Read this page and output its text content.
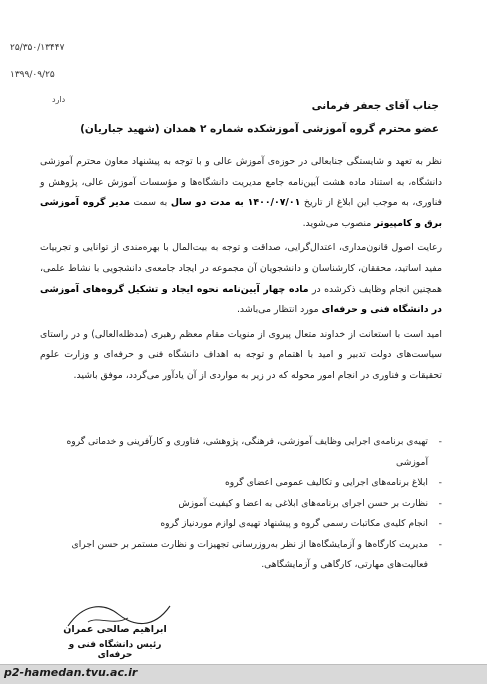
۲۵/۳۵۰/۱۳۴۴۷
۱۳۹۹/۰۹/۲۵
دارد
جناب آقای جعفر فرمانی
عضو محترم گروه آموزشی آموزشکده شماره ۲ همدان (شهید جباریان)

نظر به تعهد و شایستگی جنابعالی در حوزه‌ی آموزش عالی و با توجه به پیشنهاد معاون محترم آموزشی دانشگاه، به استناد ماده هشت آیین‌نامه جامع مدیریت دانشگاه‌ها و مؤسسات آموزش عالی، پژوهش و فناوری، به موجب این ابلاغ از تاریخ ۱۴۰۰/۰۷/۰۱ به مدت دو سال به سمت مدیر گروه آموزشی برق و کامپیوتر منصوب می‌شوید.

رعایت اصول قانون‌مداری، اعتدال‌گرایی، صداقت و توجه به بیت‌المال با بهره‌مندی از توانایی و تجربیات مفید اساتید، محققان، کارشناسان و دانشجویان آن مجموعه در ایجاد جامعه‌ی دانشجویی با نشاط علمی، همچنین انجام وظایف ذکرشده در ماده چهار آیین‌نامه نحوه ایجاد و تشکیل گروه‌های آموزشی در دانشگاه فنی و حرفه‌ای مورد انتظار می‌باشد.

امید است با استعانت از خداوند متعال پیروی از منویات مقام معظم رهبری (مدظله‌العالی) و در راستای سیاست‌های دولت تدبیر و امید با اهتمام و توجه به اهداف دانشگاه فنی و حرفه‌ای و وزارت علوم تحقیقات و فناوری در انجام امور محوله که در زیر به مواردی از آن یادآور می‌گردد، موفق باشید.

- تهیه‌ی برنامه‌ی اجرایی وظایف آموزشی، فرهنگی، پژوهشی، فناوری و کارآفرینی و خدماتی گروه آموزشی
- ابلاغ برنامه‌های اجرایی و تکالیف عمومی اعضای گروه
- نظارت بر حسن اجرای برنامه‌های ابلاغی به اعضا و کیفیت آموزش
- انجام کلیه‌ی مکاتبات رسمی گروه و پیشنهاد تهیه‌ی لوازم موردنیاز گروه
- مدیریت کارگاه‌ها و آزمایشگاه‌ها از نظر به‌روزرسانی تجهیزات و نظارت مستمر بر حسن اجرای فعالیت‌های مهارتی، کارگاهی و آزمایشگاهی.
ابراهیم صالحی عمران
رئیس دانشگاه فنی و حرفه‌ای
p2-hamedan.tvu.ac.ir
